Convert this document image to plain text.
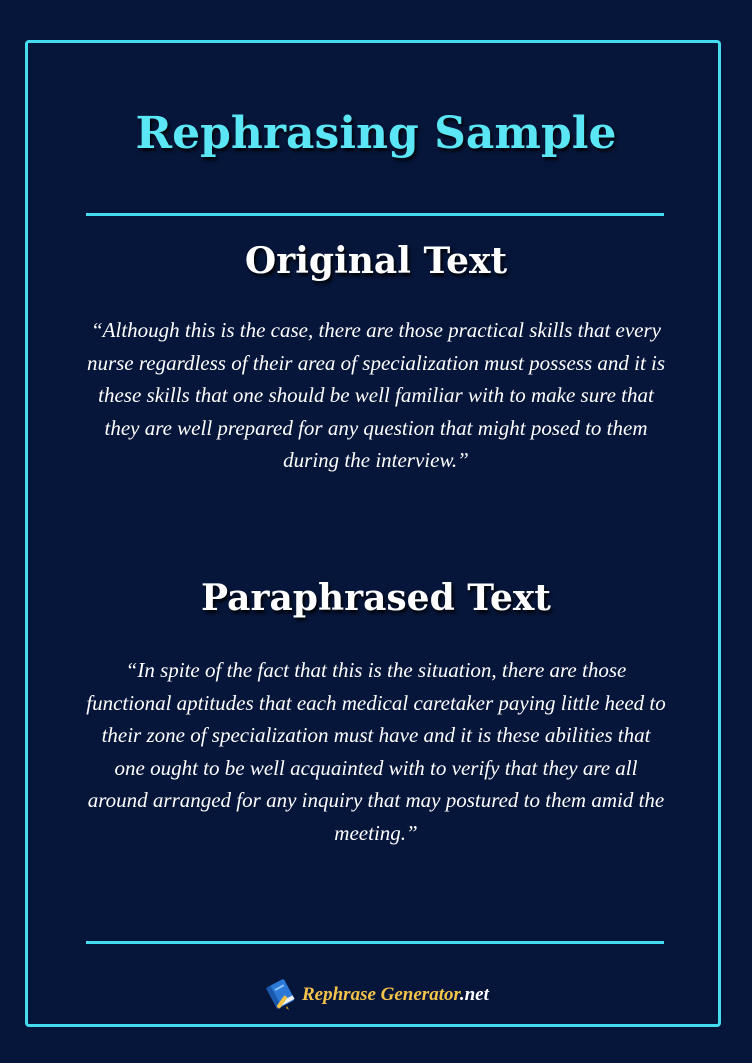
Rephrasing Sample
Original Text
“Although this is the case, there are those practical skills that every nurse regardless of their area of specialization must possess and it is these skills that one should be well familiar with to make sure that they are well prepared for any question that might posed to them during the interview.”
Paraphrased Text
“In spite of the fact that this is the situation, there are those functional aptitudes that each medical caretaker paying little heed to their zone of specialization must have and it is these abilities that one ought to be well acquainted with to verify that they are all around arranged for any inquiry that may postured to them amid the meeting.”
Rephrase Generator.net
